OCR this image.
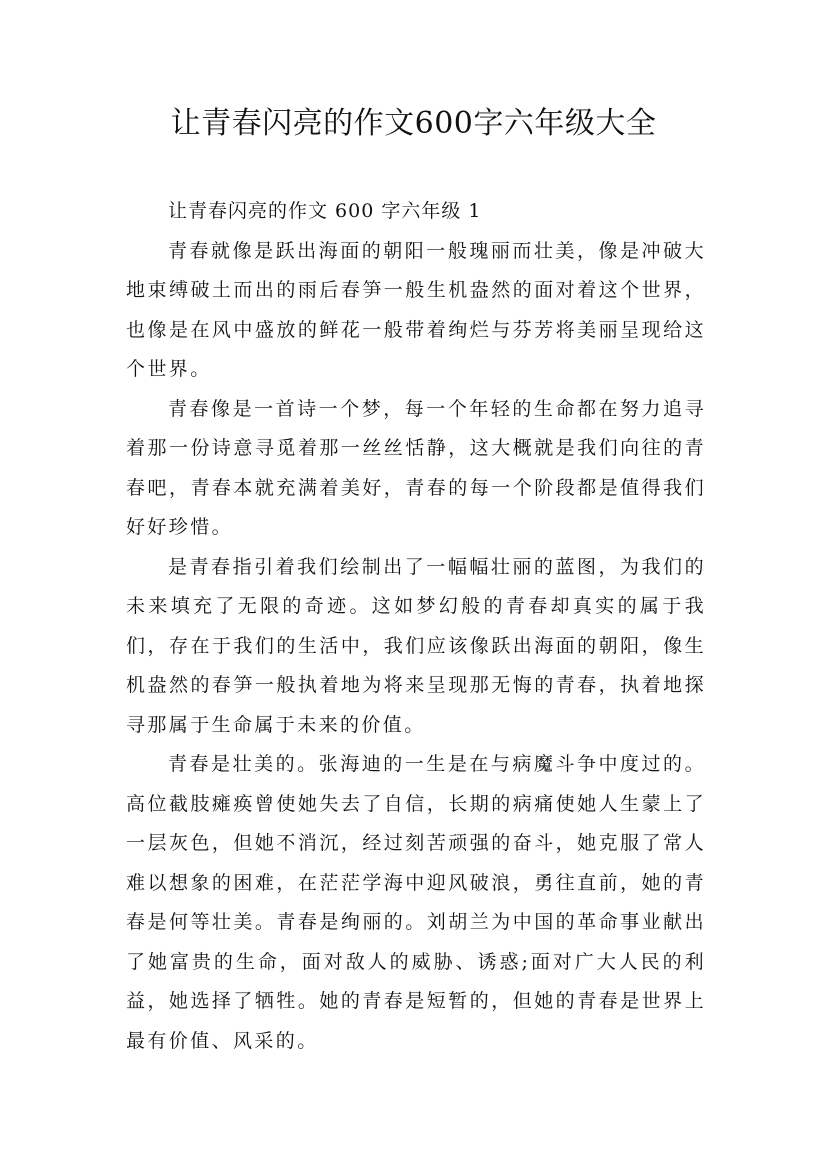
让青春闪亮的作文600字六年级大全

让青春闪亮的作文 600 字六年级 1

青春就像是跃出海面的朝阳一般瑰丽而壮美，像是冲破大地束缚破土而出的雨后春笋一般生机盎然的面对着这个世界，也像是在风中盛放的鲜花一般带着绚烂与芬芳将美丽呈现给这个世界。

青春像是一首诗一个梦，每一个年轻的生命都在努力追寻着那一份诗意寻觅着那一丝丝恬静，这大概就是我们向往的青春吧，青春本就充满着美好，青春的每一个阶段都是值得我们好好珍惜。

是青春指引着我们绘制出了一幅幅壮丽的蓝图，为我们的未来填充了无限的奇迹。这如梦幻般的青春却真实的属于我们，存在于我们的生活中，我们应该像跃出海面的朝阳，像生机盎然的春笋一般执着地为将来呈现那无悔的青春，执着地探寻那属于生命属于未来的价值。

青春是壮美的。张海迪的一生是在与病魔斗争中度过的。高位截肢瘫痪曾使她失去了自信，长期的病痛使她人生蒙上了一层灰色，但她不消沉，经过刻苦顽强的奋斗，她克服了常人难以想象的困难，在茫茫学海中迎风破浪，勇往直前，她的青春是何等壮美。青春是绚丽的。刘胡兰为中国的革命事业献出了她富贵的生命，面对敌人的威胁、诱惑;面对广大人民的利益，她选择了牺牲。她的青春是短暂的，但她的青春是世界上最有价值、风采的。
